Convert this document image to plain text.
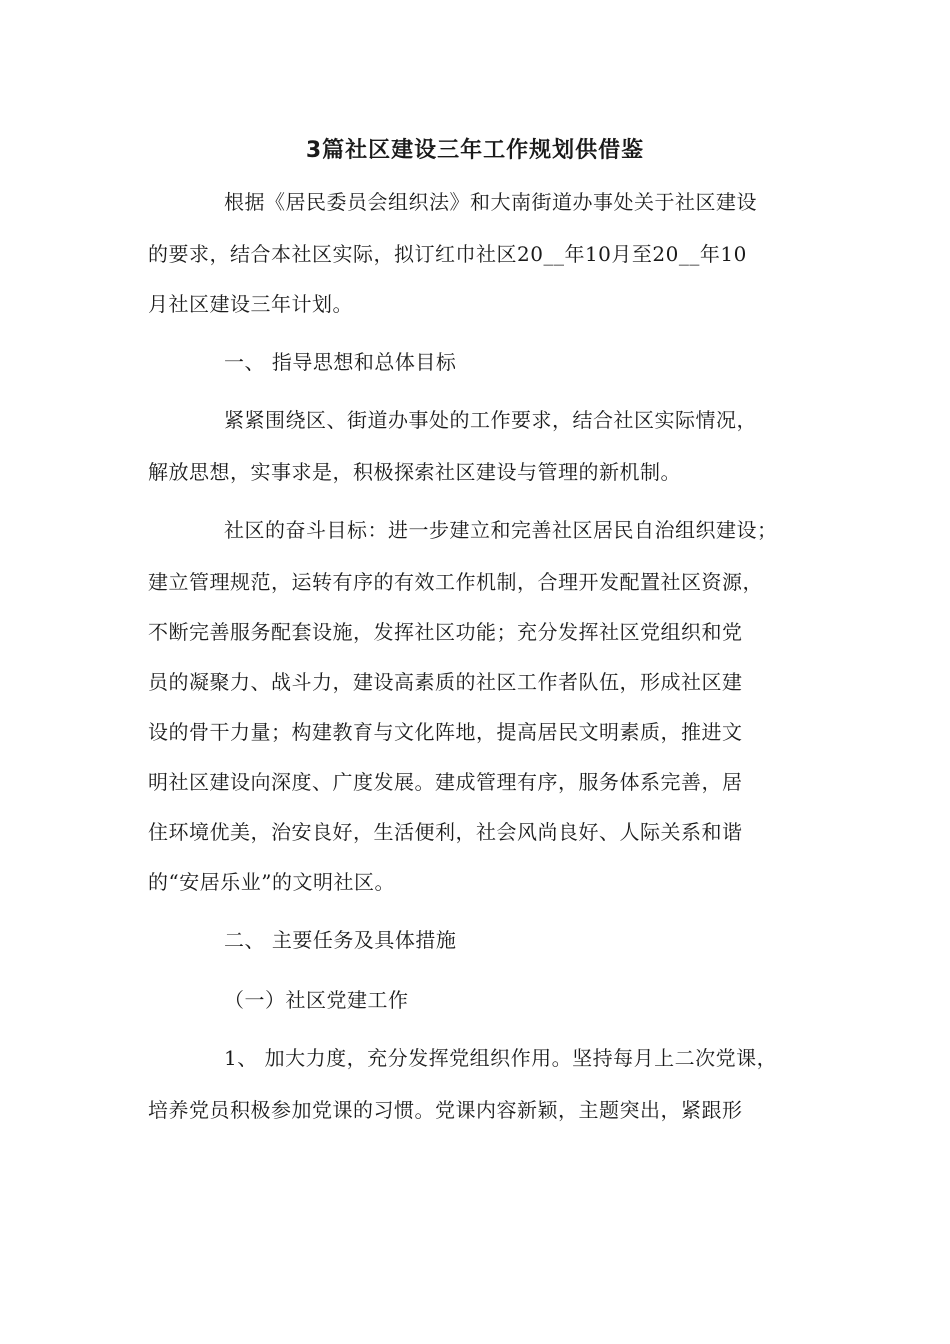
3篇社区建设三年工作规划供借鉴
根据《居民委员会组织法》和大南街道办事处关于社区建设
的要求，结合本社区实际，拟订红巾社区20__年10月至20__年10
月社区建设三年计划。
一、 指导思想和总体目标
紧紧围绕区、街道办事处的工作要求，结合社区实际情况，
解放思想，实事求是，积极探索社区建设与管理的新机制。
社区的奋斗目标：进一步建立和完善社区居民自治组织建设；
建立管理规范，运转有序的有效工作机制，合理开发配置社区资源，
不断完善服务配套设施，发挥社区功能；充分发挥社区党组织和党
员的凝聚力、战斗力，建设高素质的社区工作者队伍，形成社区建
设的骨干力量；构建教育与文化阵地，提高居民文明素质，推进文
明社区建设向深度、广度发展。建成管理有序，服务体系完善，居
住环境优美，治安良好，生活便利，社会风尚良好、人际关系和谐
的“安居乐业”的文明社区。
二、 主要任务及具体措施
（一）社区党建工作
1、 加大力度，充分发挥党组织作用。坚持每月上二次党课，
培养党员积极参加党课的习惯。党课内容新颖，主题突出，紧跟形
